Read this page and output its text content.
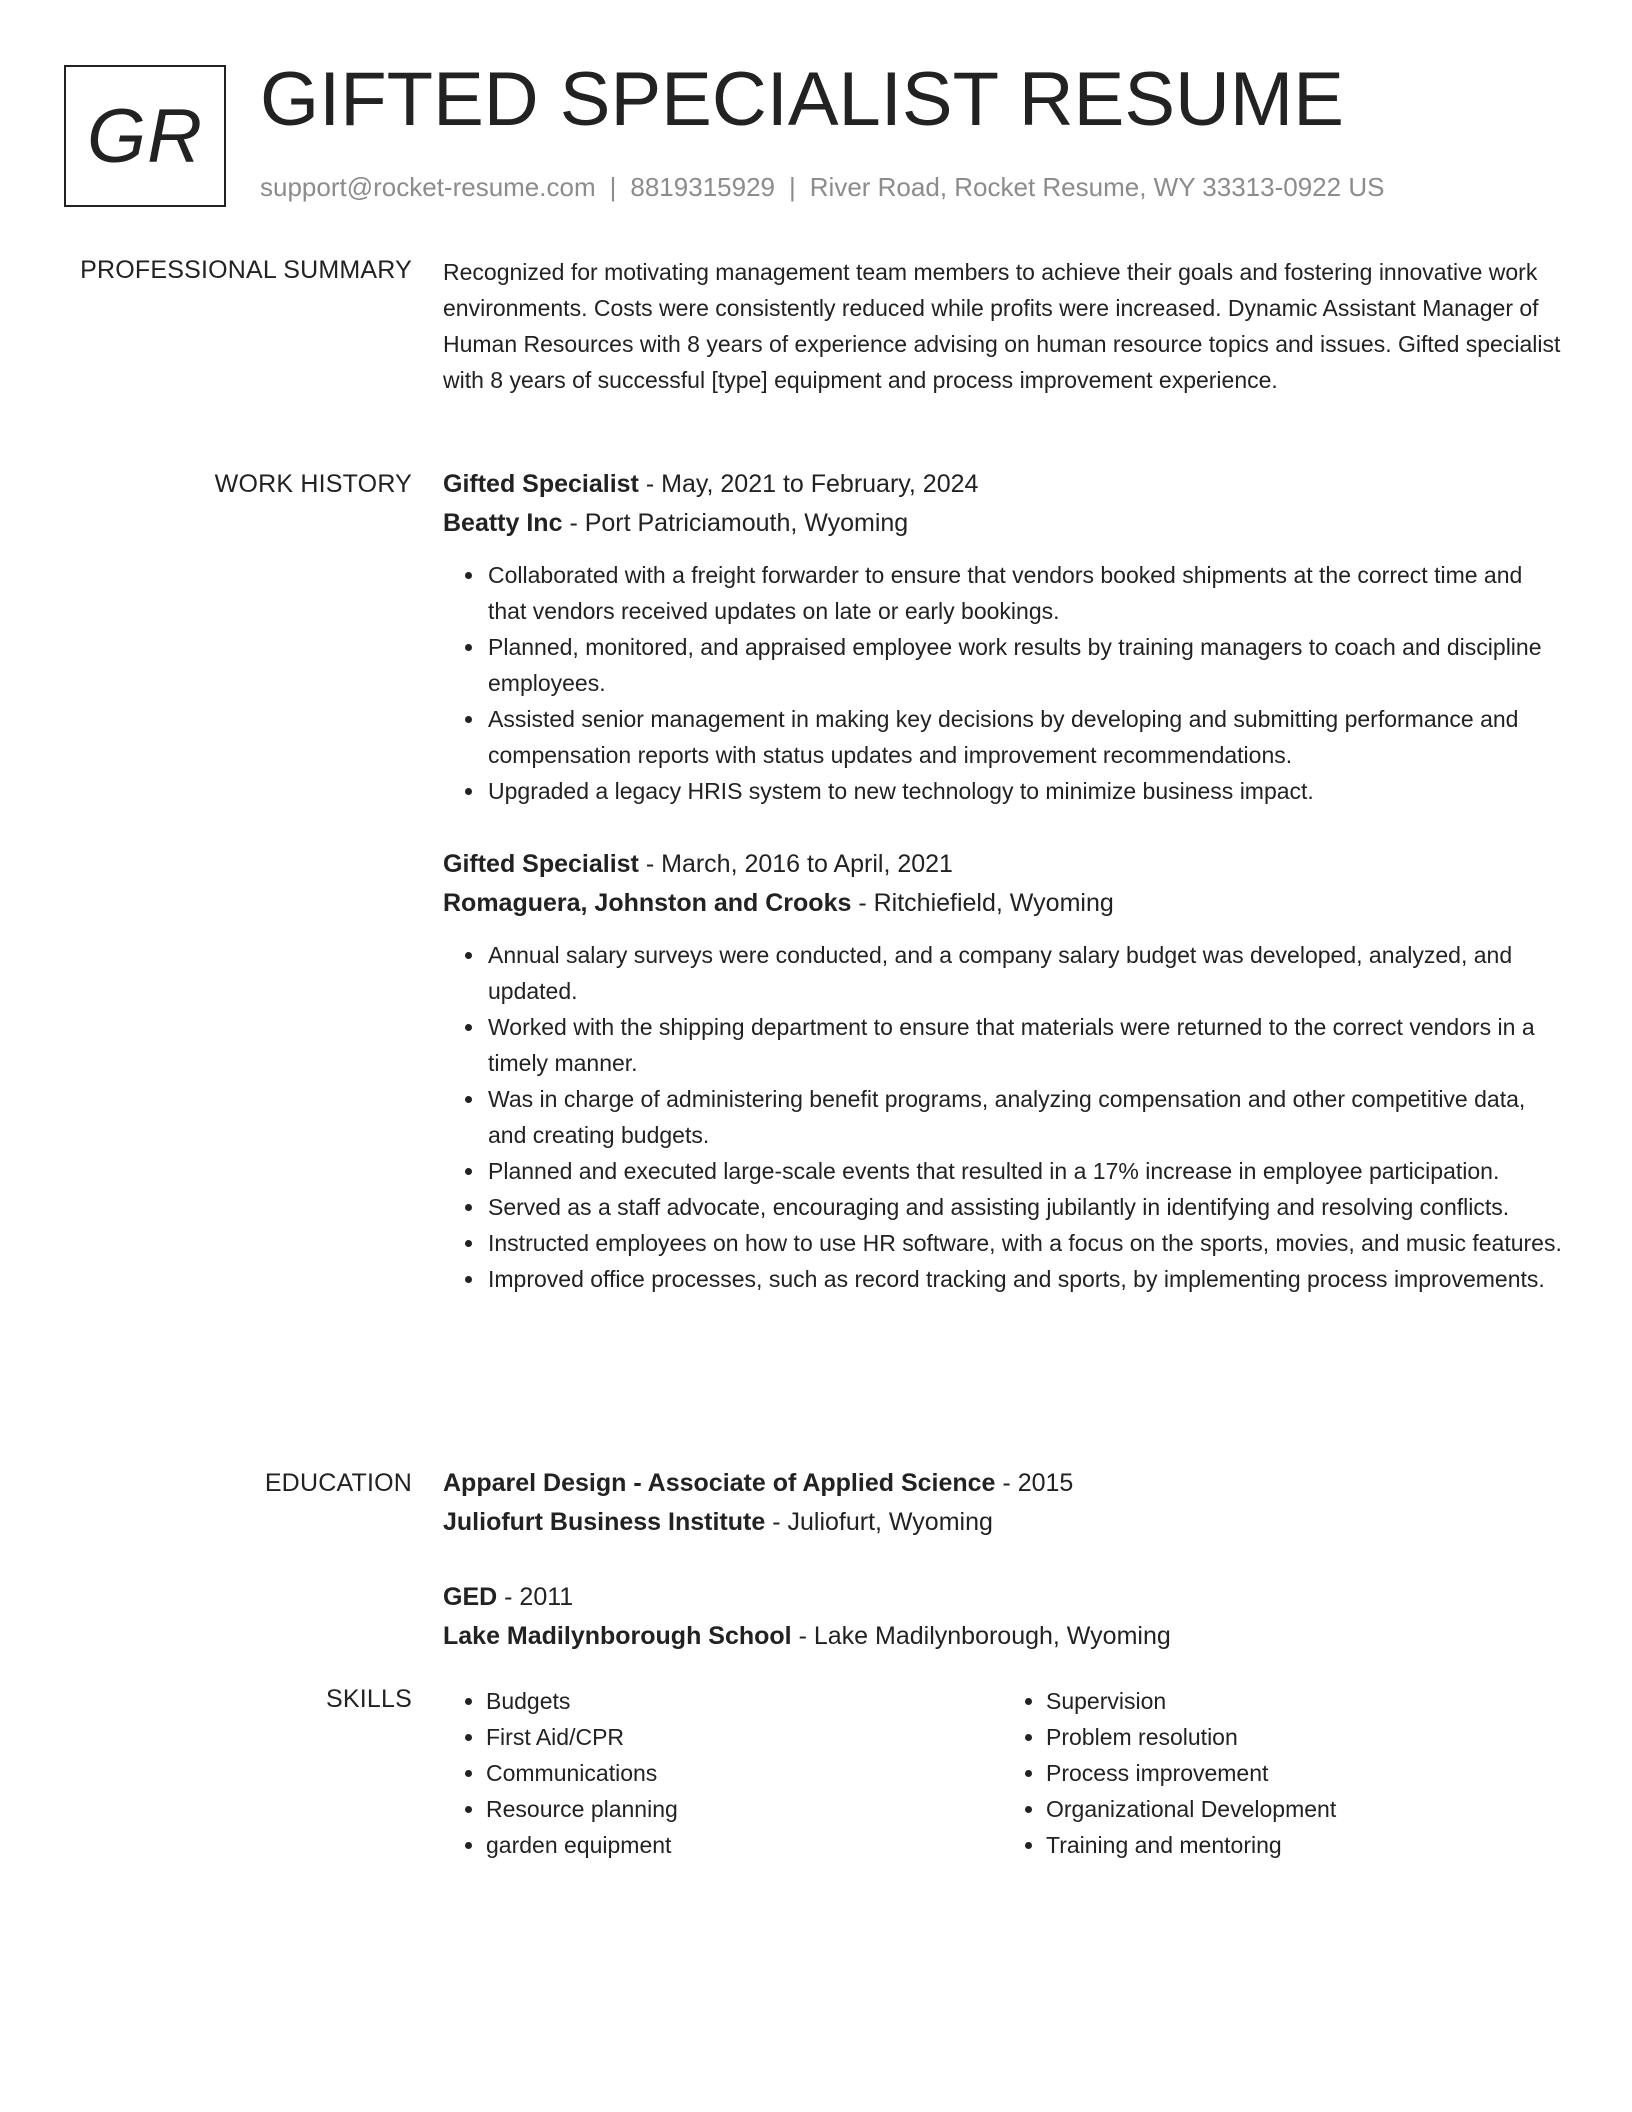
GR GIFTED SPECIALIST RESUME
support@rocket-resume.com | 8819315929 | River Road, Rocket Resume, WY 33313-0922 US
PROFESSIONAL SUMMARY Recognized for motivating management team members to achieve their goals and fostering innovative work environments. Costs were consistently reduced while profits were increased. Dynamic Assistant Manager of Human Resources with 8 years of experience advising on human resource topics and issues. Gifted specialist with 8 years of successful [type] equipment and process improvement experience.

WORK HISTORY Gifted Specialist - May, 2021 to February, 2024
Beatty Inc - Port Patriciamouth, Wyoming
• Collaborated with a freight forwarder to ensure that vendors booked shipments at the correct time and that vendors received updates on late or early bookings.
• Planned, monitored, and appraised employee work results by training managers to coach and discipline employees.
• Assisted senior management in making key decisions by developing and submitting performance and compensation reports with status updates and improvement recommendations.
• Upgraded a legacy HRIS system to new technology to minimize business impact.
Gifted Specialist - March, 2016 to April, 2021
Romaguera, Johnston and Crooks - Ritchiefield, Wyoming
• Annual salary surveys were conducted, and a company salary budget was developed, analyzed, and updated.
• Worked with the shipping department to ensure that materials were returned to the correct vendors in a timely manner.
• Was in charge of administering benefit programs, analyzing compensation and other competitive data, and creating budgets.
• Planned and executed large-scale events that resulted in a 17% increase in employee participation.
• Served as a staff advocate, encouraging and assisting jubilantly in identifying and resolving conflicts.
• Instructed employees on how to use HR software, with a focus on the sports, movies, and music features.
• Improved office processes, such as record tracking and sports, by implementing process improvements.
EDUCATION Apparel Design - Associate of Applied Science - 2015
Juliofurt Business Institute - Juliofurt, Wyoming
GED - 2011
Lake Madilynborough School - Lake Madilynborough, Wyoming
SKILLS
•	Budgets
• First Aid/CPR
• Communications
• Resource planning
• garden equipment
• Supervision
• Problem resolution
• Process improvement
• Organizational Development
• Training and mentoring
